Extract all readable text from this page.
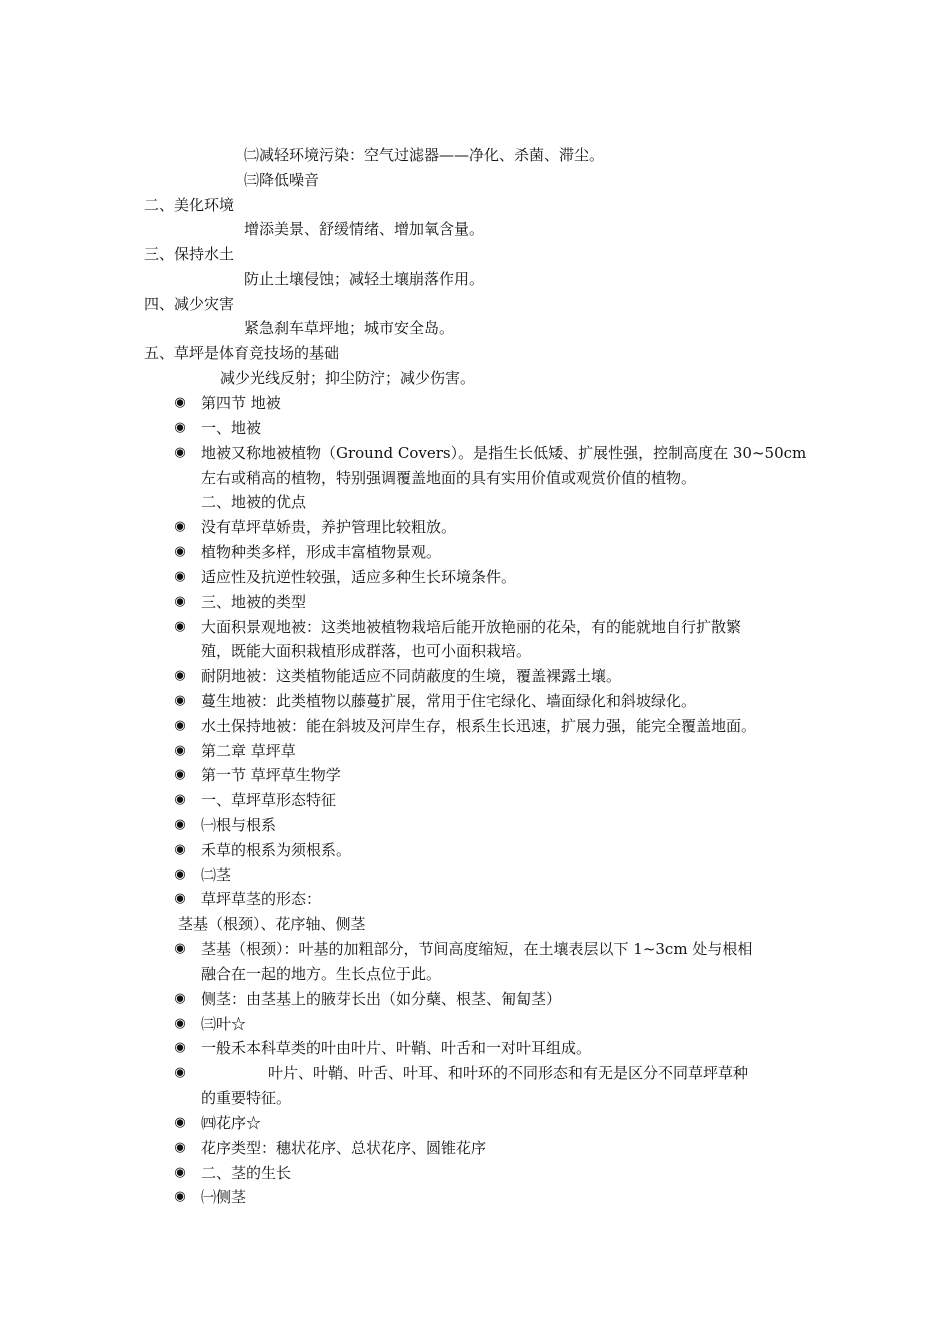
㈡减轻环境污染：空气过滤器——净化、杀菌、滞尘。
㈢降低噪音
二、美化环境
增添美景、舒缓情绪、增加氧含量。
三、保持水土
防止土壤侵蚀；减轻土壤崩落作用。
四、减少灾害
紧急刹车草坪地；城市安全岛。
五、草坪是体育竞技场的基础
减少光线反射；抑尘防泞；减少伤害。
◉
第四节 地被
◉
一、地被
◉
地被又称地被植物（Ground Covers）。是指生长低矮、扩展性强，控制高度在 30~50cm
左右或稍高的植物，特别强调覆盖地面的具有实用价值或观赏价值的植物。
二、地被的优点
◉
没有草坪草娇贵，养护管理比较粗放。
◉
植物种类多样，形成丰富植物景观。
◉
适应性及抗逆性较强，适应多种生长环境条件。
◉
三、地被的类型
◉
大面积景观地被：这类地被植物栽培后能开放艳丽的花朵，有的能就地自行扩散繁
殖，既能大面积栽植形成群落，也可小面积栽培。
◉
耐阴地被：这类植物能适应不同荫蔽度的生境，覆盖裸露土壤。
◉
蔓生地被：此类植物以藤蔓扩展，常用于住宅绿化、墙面绿化和斜坡绿化。
◉
水土保持地被：能在斜坡及河岸生存，根系生长迅速，扩展力强，能完全覆盖地面。
◉
第二章 草坪草
◉
第一节 草坪草生物学
◉
一、草坪草形态特征
◉
㈠根与根系
◉
禾草的根系为须根系。
◉
㈡茎
◉
草坪草茎的形态：
茎基（根颈）、花序轴、侧茎
◉
茎基（根颈）：叶基的加粗部分，节间高度缩短，在土壤表层以下 1~3cm 处与根相
融合在一起的地方。生长点位于此。
◉
侧茎：由茎基上的腋芽长出（如分蘖、根茎、匍匐茎）
◉
㈢叶☆
◉
一般禾本科草类的叶由叶片、叶鞘、叶舌和一对叶耳组成。
◉
叶片、叶鞘、叶舌、叶耳、和叶环的不同形态和有无是区分不同草坪草种
的重要特征。
◉
㈣花序☆
◉
花序类型：穗状花序、总状花序、圆锥花序
◉
二、茎的生长
◉
㈠侧茎
